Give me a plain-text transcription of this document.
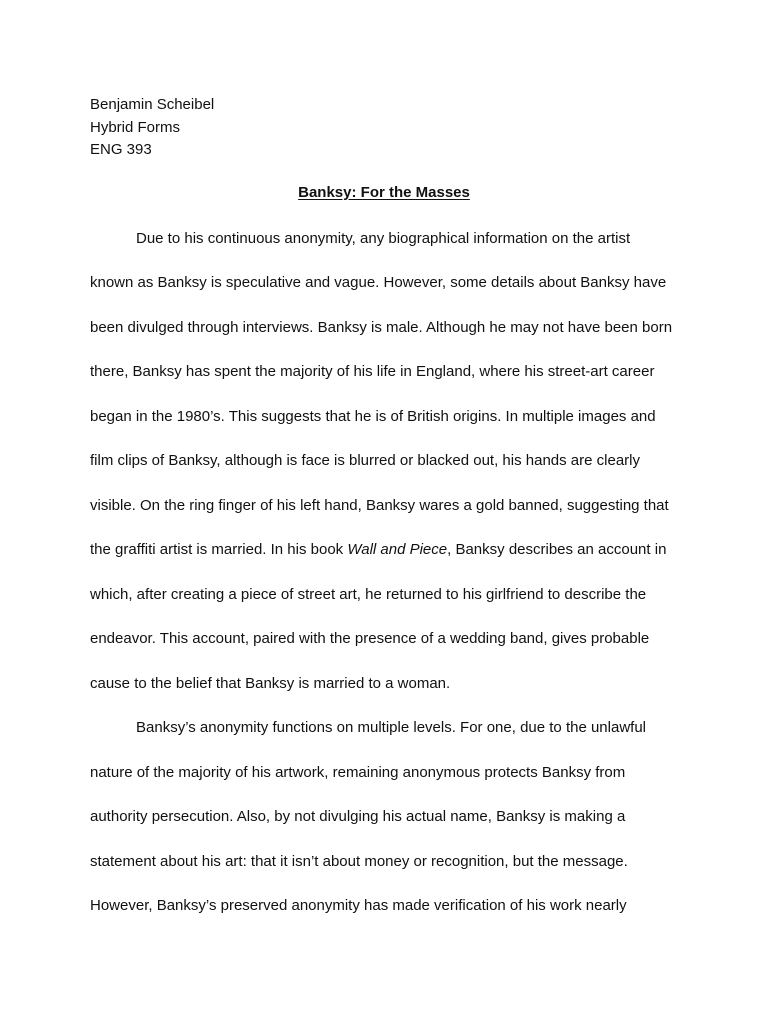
Benjamin Scheibel
Hybrid Forms
ENG 393
Banksy: For the Masses
Due to his continuous anonymity, any biographical information on the artist
known as Banksy is speculative and vague. However, some details about Banksy have
been divulged through interviews. Banksy is male. Although he may not have been born
there, Banksy has spent the majority of his life in England, where his street-art career
began in the 1980’s. This suggests that he is of British origins. In multiple images and
film clips of Banksy, although is face is blurred or blacked out, his hands are clearly
visible. On the ring finger of his left hand, Banksy wares a gold banned, suggesting that
the graffiti artist is married. In his book Wall and Piece, Banksy describes an account in
which, after creating a piece of street art, he returned to his girlfriend to describe the
endeavor. This account, paired with the presence of a wedding band, gives probable
cause to the belief that Banksy is married to a woman.
Banksy’s anonymity functions on multiple levels. For one, due to the unlawful
nature of the majority of his artwork, remaining anonymous protects Banksy from
authority persecution. Also, by not divulging his actual name, Banksy is making a
statement about his art: that it isn’t about money or recognition, but the message.
However, Banksy’s preserved anonymity has made verification of his work nearly
